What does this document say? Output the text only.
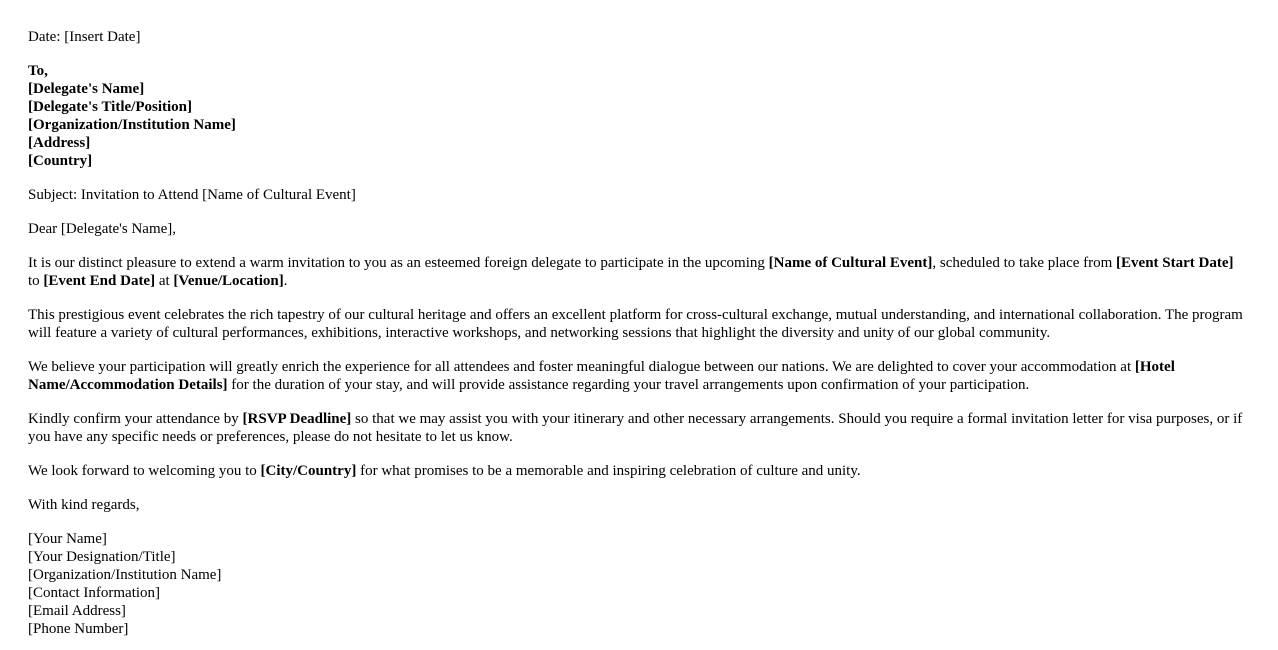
Date: [Insert Date]

To,
[Delegate's Name]
[Delegate's Title/Position]
[Organization/Institution Name]
[Address]
[Country]

Subject: Invitation to Attend [Name of Cultural Event]

Dear [Delegate's Name],

It is our distinct pleasure to extend a warm invitation to you as an esteemed foreign delegate to participate in the upcoming [Name of Cultural Event], scheduled to take place from [Event Start Date] to [Event End Date] at [Venue/Location].

This prestigious event celebrates the rich tapestry of our cultural heritage and offers an excellent platform for cross-cultural exchange, mutual understanding, and international collaboration. The program will feature a variety of cultural performances, exhibitions, interactive workshops, and networking sessions that highlight the diversity and unity of our global community.

We believe your participation will greatly enrich the experience for all attendees and foster meaningful dialogue between our nations. We are delighted to cover your accommodation at [Hotel Name/Accommodation Details] for the duration of your stay, and will provide assistance regarding your travel arrangements upon confirmation of your participation.

Kindly confirm your attendance by [RSVP Deadline] so that we may assist you with your itinerary and other necessary arrangements. Should you require a formal invitation letter for visa purposes, or if you have any specific needs or preferences, please do not hesitate to let us know.

We look forward to welcoming you to [City/Country] for what promises to be a memorable and inspiring celebration of culture and unity.

With kind regards,

[Your Name]
[Your Designation/Title]
[Organization/Institution Name]
[Contact Information]
[Email Address]
[Phone Number]
